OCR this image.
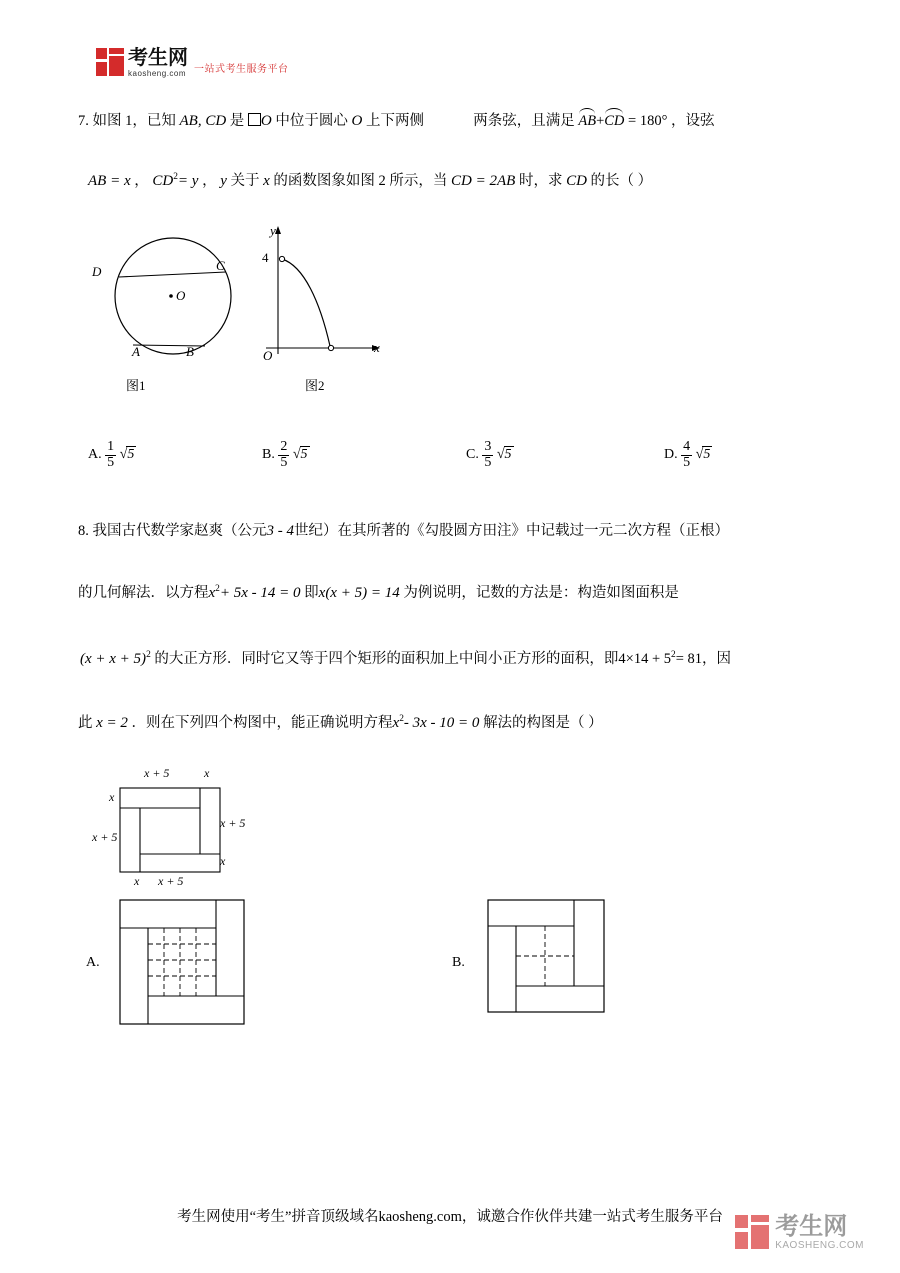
考生网
kaosheng.com 一站式考生服务平台
7. 如图 1，已知 AB, CD 是 O 中位于圆心 O 上下两侧	两条弦，且满足 AB+CD = 180° ，设弦
AB = x ， $CD^2= y$ ， y 关于 x 的函数图象如图 2 所示，当 CD = 2AB 时，求 CD 的长（ ）
D	C
O
A	B
图1
y
x
O
4
图2
A. $\frac{1}{5} √5$	B. $\frac{2}{5} √5$	C. $\frac{3}{5} √5$	D. $\frac{4}{5} √5$
8. 我国古代数学家赵爽（公元3 - 4世纪）在其所著的《勾股圆方田注》中记载过一元二次方程（正根）
的几何解法．以方程$x^2+ 5x - 14 = 0$ 即x(x + 5) = 14 为例说明，记数的方法是：构造如图面积是
$(x + x + 5)^2$ 的大正方形．同时它又等于四个矩形的面积加上中间小正方形的面积，即$4\times 14 + 5^2= 81$，因
此 x = 2 ．则在下列四个构图中，能正确说明方程$x^2-$ 3x - 10 = 0 解法的构图是（ ）
x + 5	x
x
x + 5
x + 5
x
x x + 5
A.	B.
考生网使用“考生”拼音顶级域名kaosheng.com，诚邀合作伙伴共建一站式考生服务平台	考生网
KAOSHENG.COM
